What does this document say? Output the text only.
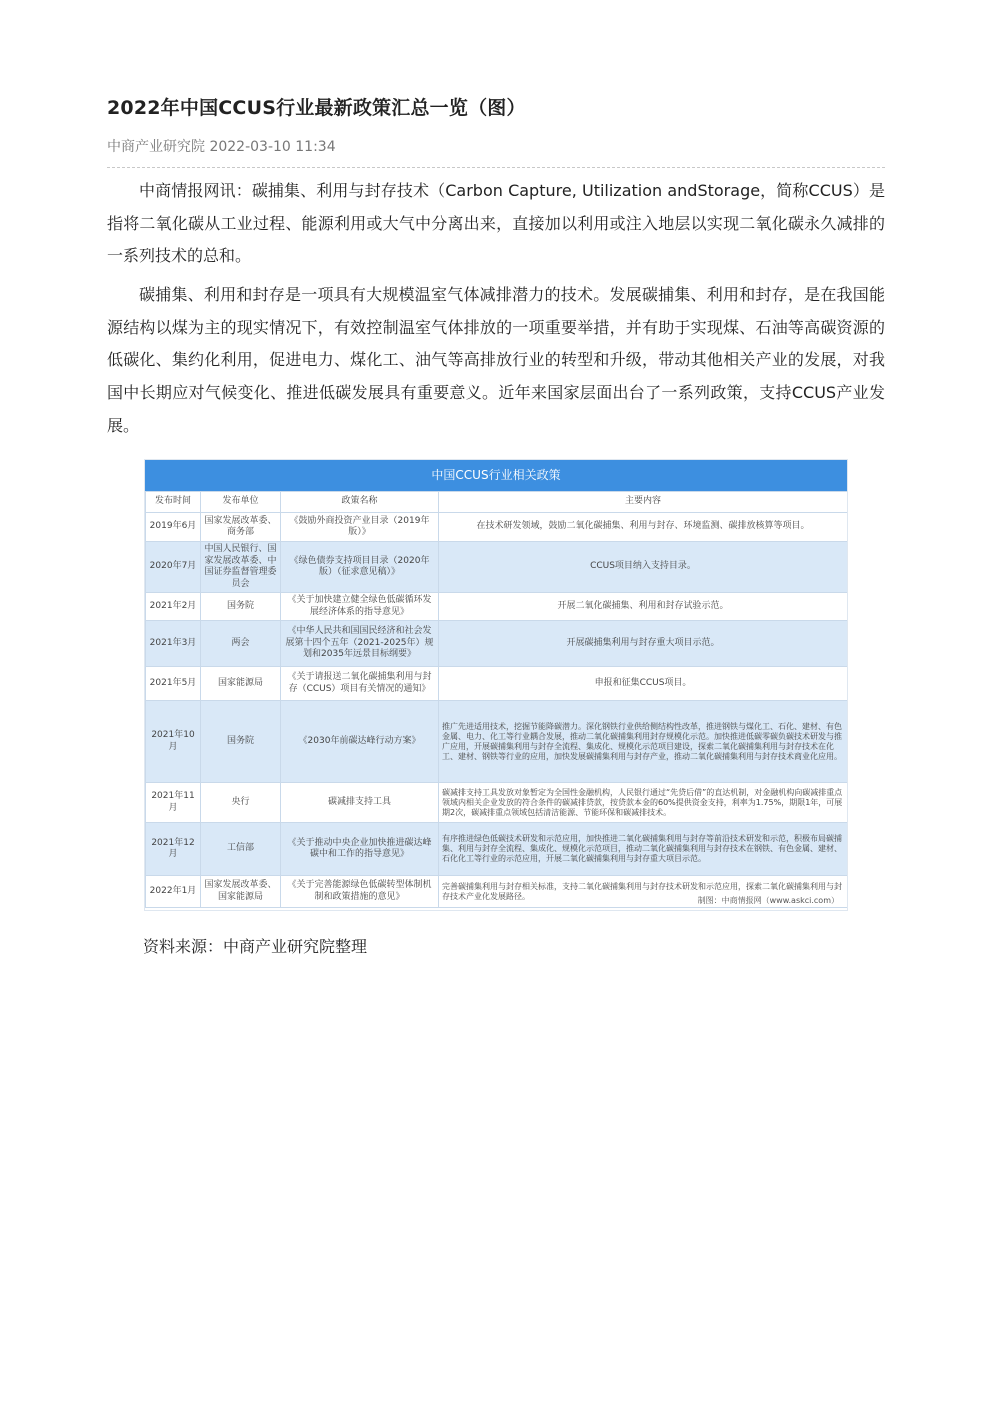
2022年中国CCUS行业最新政策汇总一览（图）
中商产业研究院 2022-03-10 11:34

中商情报网讯：碳捕集、利用与封存技术（Carbon Capture, Utilization andStorage，简称CCUS）是指将二氧化碳从工业过程、能源利用或大气中分离出来，直接加以利用或注入地层以实现二氧化碳永久减排的一系列技术的总和。

碳捕集、利用和封存是一项具有大规模温室气体减排潜力的技术。发展碳捕集、利用和封存，是在我国能源结构以煤为主的现实情况下，有效控制温室气体排放的一项重要举措，并有助于实现煤、石油等高碳资源的低碳化、集约化利用，促进电力、煤化工、油气等高排放行业的转型和升级，带动其他相关产业的发展，对我国中长期应对气候变化、推进低碳发展具有重要意义。近年来国家层面出台了一系列政策，支持CCUS产业发展。

中国CCUS行业相关政策
发布时间	发布单位	政策名称	主要内容
2019年6月	国家发展改革委、商务部	《鼓励外商投资产业目录（2019年版）》	在技术研发领域，鼓励二氧化碳捕集、利用与封存、环境监测、碳排放核算等项目。
2020年7月	中国人民银行、国家发展改革委、中国证券监督管理委员会	《绿色债券支持项目目录（2020年版）（征求意见稿）》	CCUS项目纳入支持目录。
2021年2月	国务院	《关于加快建立健全绿色低碳循环发展经济体系的指导意见》	开展二氧化碳捕集、利用和封存试验示范。
2021年3月	两会	《中华人民共和国国民经济和社会发展第十四个五年（2021-2025年）规划和2035年远景目标纲要》	开展碳捕集利用与封存重大项目示范。
2021年5月	国家能源局	《关于请报送二氧化碳捕集利用与封存（CCUS）项目有关情况的通知》	申报和征集CCUS项目。
2021年10月	国务院	《2030年前碳达峰行动方案》	推广先进适用技术，挖掘节能降碳潜力。深化钢铁行业供给侧结构性改革，推进钢铁与煤化工、石化、建材、有色金属、电力、化工等行业耦合发展，推动二氧化碳捕集利用封存规模化示范。加快推进低碳零碳负碳技术研发与推广应用，开展碳捕集利用与封存全流程、集成化、规模化示范项目建设，探索二氧化碳捕集利用与封存技术在化工、建材、钢铁等行业的应用，加快发展碳捕集利用与封存产业，推动二氧化碳捕集利用与封存技术商业化应用。
2021年11月	央行	碳减排支持工具	碳减排支持工具发放对象暂定为全国性金融机构，人民银行通过“先贷后借”的直达机制，对金融机构向碳减排重点领域内相关企业发放的符合条件的碳减排贷款，按贷款本金的60%提供资金支持，利率为1.75%，期限1年，可展期2次，碳减排重点领域包括清洁能源、节能环保和碳减排技术。
2021年12月	工信部	《关于推动中央企业加快推进碳达峰碳中和工作的指导意见》	有序推进绿色低碳技术研发和示范应用，加快推进二氧化碳捕集利用与封存等前沿技术研发和示范，积极布局碳捕集、利用与封存全流程、集成化、规模化示范项目，推动二氧化碳捕集利用与封存技术在钢铁、有色金属、建材、石化化工等行业的示范应用，开展二氧化碳捕集利用与封存重大项目示范。
2022年1月	国家发展改革委、国家能源局	《关于完善能源绿色低碳转型体制机制和政策措施的意见》	完善碳捕集利用与封存相关标准，支持二氧化碳捕集利用与封存技术研发和示范应用，探索二氧化碳捕集利用与封存技术产业化发展路径。	制图：中商情报网（www.askci.com）
资料来源：中商产业研究院整理
